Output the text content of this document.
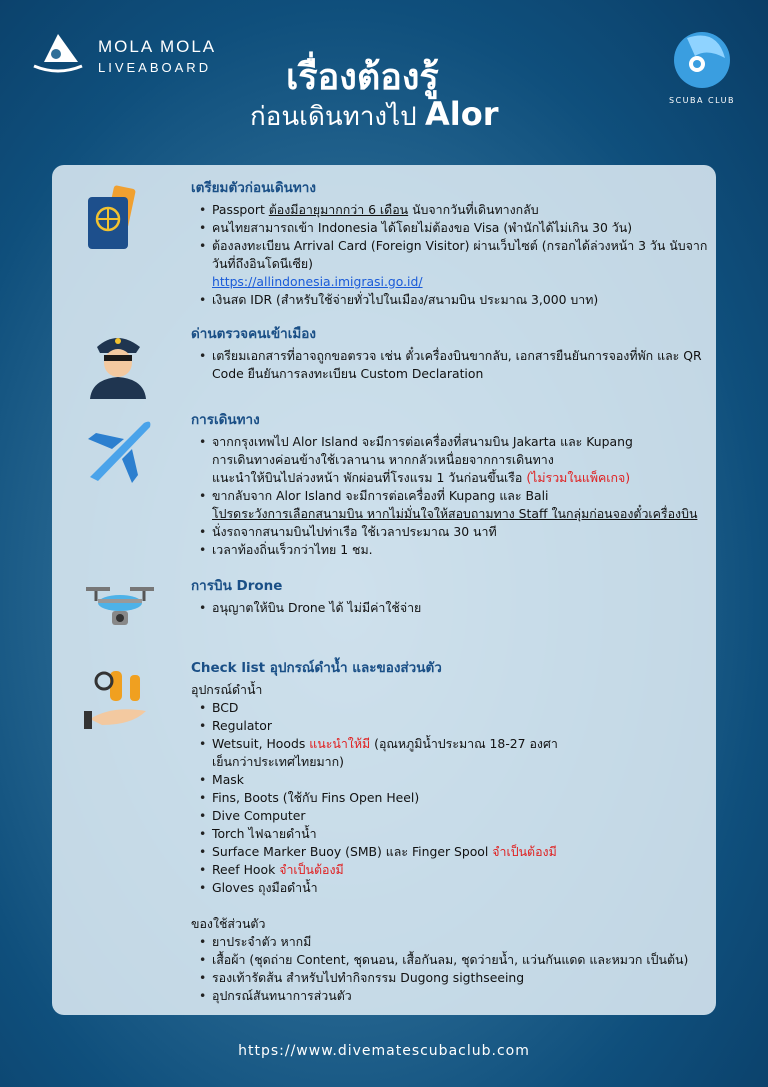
MOLA MOLA
LIVEABOARD เรื่องต้องรู้
ก่อนเดินทางไป Alor	SCUBA CLUB
เตรียมตัวก่อนเดินทาง
• Passport ต้องมีอายุมากกว่า 6 เดือน นับจากวันที่เดินทางกลับ
• คนไทยสามารถเข้า Indonesia ได้โดยไม่ต้องขอ Visa (พำนักได้ไม่เกิน 30 วัน)
• ต้องลงทะเบียน Arrival Card (Foreign Visitor) ผ่านเว็บไซต์ (กรอกได้ล่วงหน้า 3 วัน นับจากวันที่ถึงอินโดนีเซีย)
https://allindonesia.imigrasi.go.id/
• เงินสด IDR (สำหรับใช้จ่ายทั่วไปในเมือง/สนามบิน ประมาณ 3,000 บาท)
ด่านตรวจคนเข้าเมือง
• เตรียมเอกสารที่อาจถูกขอตรวจ เช่น ตั๋วเครื่องบินขากลับ, เอกสารยืนยันการจองที่พัก และ QR Code ยืนยันการลงทะเบียน Custom Declaration
การเดินทาง
• จากกรุงเทพไป Alor Island จะมีการต่อเครื่องที่สนามบิน Jakarta และ Kupang
การเดินทางค่อนข้างใช้เวลานาน หากกลัวเหนื่อยจากการเดินทาง
แนะนำให้บินไปล่วงหน้า พักผ่อนที่โรงแรม 1 วันก่อนขึ้นเรือ (ไม่รวมในแพ็คเกจ)
• ขากลับจาก Alor Island จะมีการต่อเครื่องที่ Kupang และ Bali
โปรดระวังการเลือกสนามบิน หากไม่มั่นใจให้สอบถามทาง Staff ในกลุ่มก่อนจองตั๋วเครื่องบิน
• นั่งรถจากสนามบินไปท่าเรือ ใช้เวลาประมาณ 30 นาที
• เวลาท้องถิ่นเร็วกว่าไทย 1 ชม.
การบิน Drone
• อนุญาตให้บิน Drone ได้ ไม่มีค่าใช้จ่าย
Check list อุปกรณ์ดำน้ำ และของส่วนตัว
อุปกรณ์ดำน้ำ
• BCD
• Regulator
• Wetsuit, Hoods แนะนำให้มี (อุณหภูมิน้ำประมาณ 18-27 องศา
เย็นกว่าประเทศไทยมาก)
• Mask
• Fins, Boots (ใช้กับ Fins Open Heel)
• Dive Computer
• Torch ไฟฉายดำน้ำ
• Surface Marker Buoy (SMB) และ Finger Spool จำเป็นต้องมี
• Reef Hook จำเป็นต้องมี
• Gloves ถุงมือดำน้ำ
ของใช้ส่วนตัว
• ยาประจำตัว หากมี
• เสื้อผ้า (ชุดถ่าย Content, ชุดนอน, เสื้อกันลม, ชุดว่ายน้ำ, แว่นกันแดด และหมวก เป็นต้น)
• รองเท้ารัดส้น สำหรับไปทำกิจกรรม Dugong sigthseeing
• อุปกรณ์สันทนาการส่วนตัว
https://www.divematescubaclub.com
